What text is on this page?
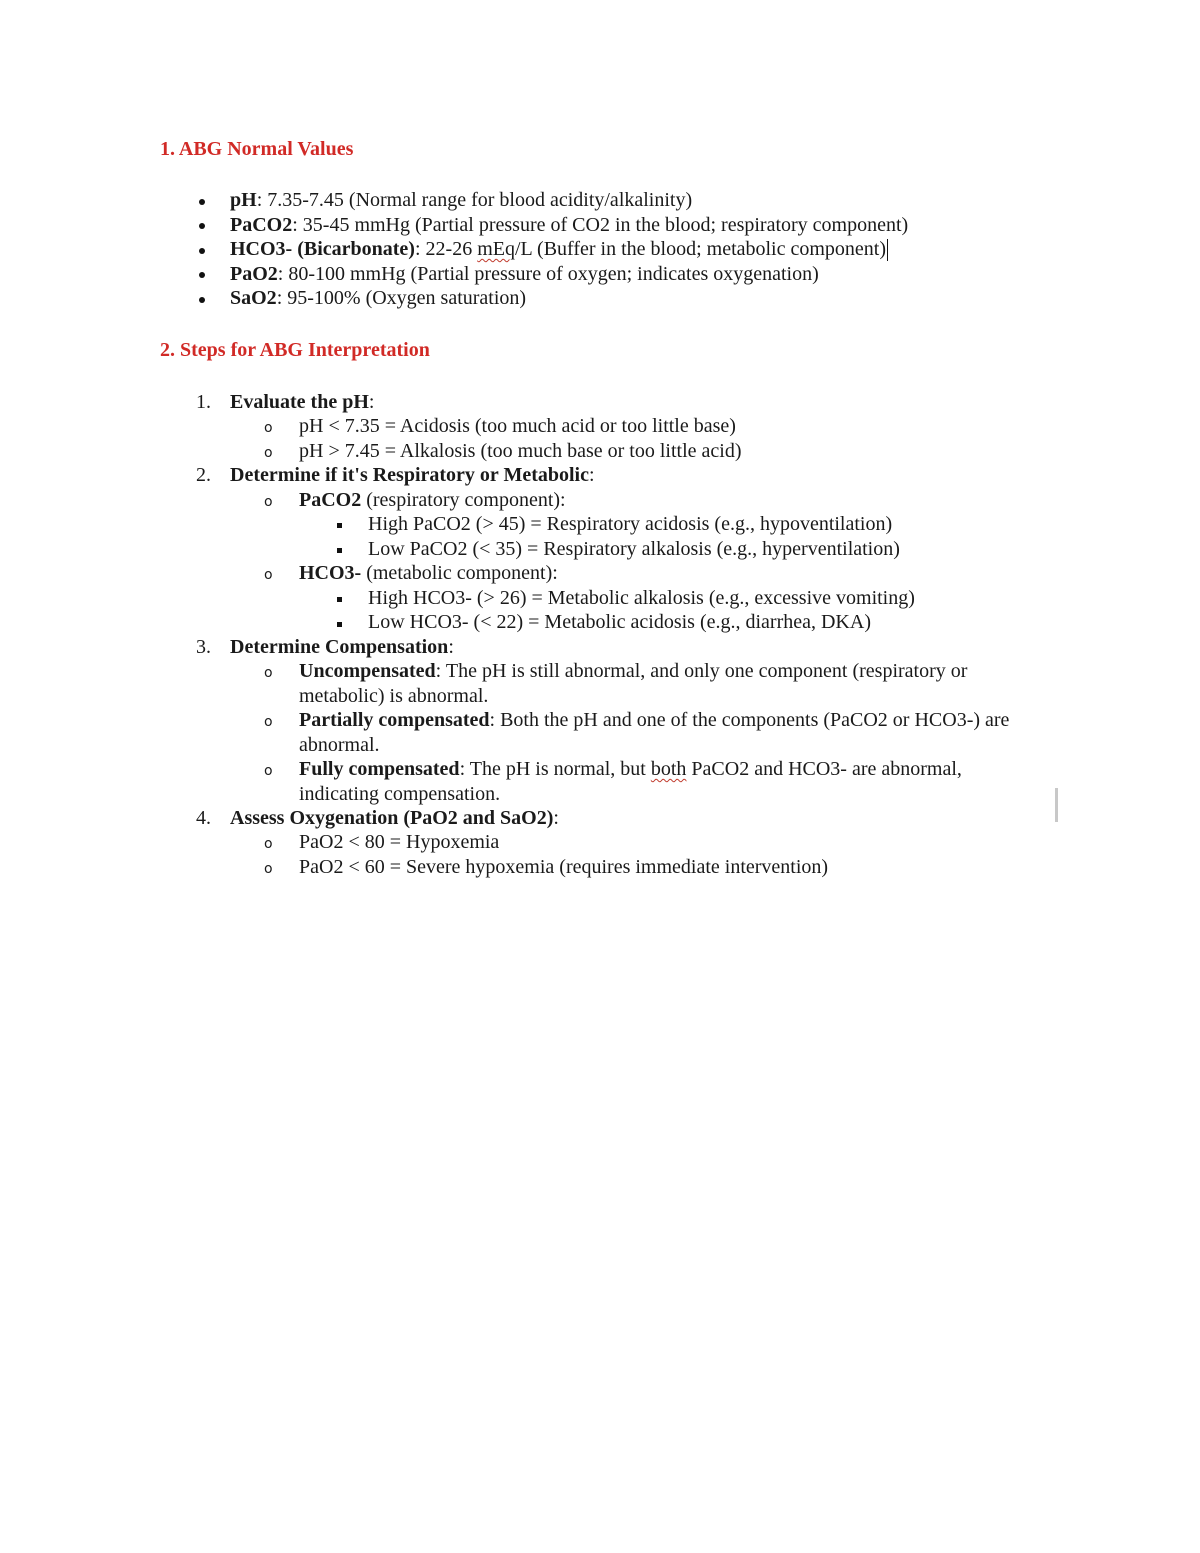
1. ABG Normal Values
pH: 7.35-7.45 (Normal range for blood acidity/alkalinity)
PaCO2: 35-45 mmHg (Partial pressure of CO2 in the blood; respiratory component)
HCO3- (Bicarbonate): 22-26 mEq/L (Buffer in the blood; metabolic component)
PaO2: 80-100 mmHg (Partial pressure of oxygen; indicates oxygenation)
SaO2: 95-100% (Oxygen saturation)
2. Steps for ABG Interpretation
1. Evaluate the pH:
o pH < 7.35 = Acidosis (too much acid or too little base)
o pH > 7.45 = Alkalosis (too much base or too little acid)
2. Determine if it's Respiratory or Metabolic:
o PaCO2 (respiratory component):
High PaCO2 (> 45) = Respiratory acidosis (e.g., hypoventilation)
Low PaCO2 (< 35) = Respiratory alkalosis (e.g., hyperventilation)
o HCO3- (metabolic component):
High HCO3- (> 26) = Metabolic alkalosis (e.g., excessive vomiting)
Low HCO3- (< 22) = Metabolic acidosis (e.g., diarrhea, DKA)
3. Determine Compensation:
o Uncompensated: The pH is still abnormal, and only one component (respiratory or
metabolic) is abnormal.
o Partially compensated: Both the pH and one of the components (PaCO2 or HCO3-) are
abnormal.
o Fully compensated: The pH is normal, but both PaCO2 and HCO3- are abnormal,
indicating compensation.
4. Assess Oxygenation (PaO2 and SaO2):
o PaO2 < 80 = Hypoxemia
o PaO2 < 60 = Severe hypoxemia (requires immediate intervention)
